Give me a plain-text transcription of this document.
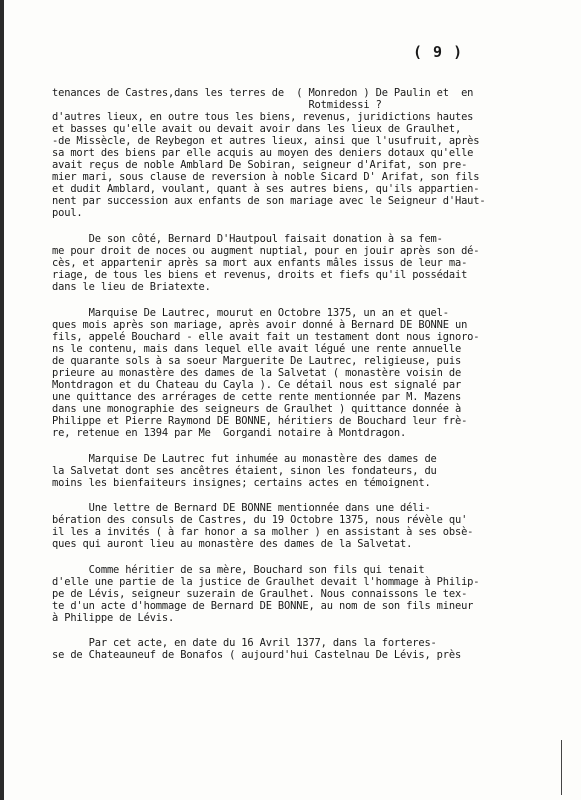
( 9 )
tenances de Castres,dans les terres de  ( Monredon ) De Paulin et  en
Rotmidessi ?
d'autres lieux, en outre tous les biens, revenus, juridictions hautes
et basses qu'elle avait ou devait avoir dans les lieux de Graulhet,
-de Missècle, de Reybegon et autres lieux, ainsi que l'usufruit, après
sa mort des biens par elle acquis au moyen des deniers dotaux qu'elle
avait reçus de noble Amblard De Sobiran, seigneur d'Arifat, son pre-
mier mari, sous clause de reversion à noble Sicard D' Arifat, son fils
et dudit Amblard, voulant, quant à ses autres biens, qu'ils appartien-
nent par succession aux enfants de son mariage avec le Seigneur d'Haut-
poul.
De son côté, Bernard D'Hautpoul faisait donation à sa fem-
me pour droit de noces ou augment nuptial, pour en jouir après son dé-
cès, et appartenir après sa mort aux enfants mâles issus de leur ma-
riage, de tous les biens et revenus, droits et fiefs qu'il possédait
dans le lieu de Briatexte.
Marquise De Lautrec, mourut en Octobre 1375, un an et quel-
ques mois après son mariage, après avoir donné à Bernard DE BONNE un
fils, appelé Bouchard - elle avait fait un testament dont nous ignoro-
ns le contenu, mais dans lequel elle avait légué une rente annuelle
de quarante sols à sa soeur Marguerite De Lautrec, religieuse, puis
prieure au monastère des dames de la Salvetat ( monastère voisin de
Montdragon et du Chateau du Cayla ). Ce détail nous est signalé par
une quittance des arrérages de cette rente mentionnée par M. Mazens
dans une monographie des seigneurs de Graulhet ) quittance donnée à
Philippe et Pierre Raymond DE BONNE, héritiers de Bouchard leur frè-
re, retenue en 1394 par Me  Gorgandi notaire à Montdragon.
Marquise De Lautrec fut inhumée au monastère des dames de
la Salvetat dont ses ancêtres étaient, sinon les fondateurs, du
moins les bienfaiteurs insignes; certains actes en témoignent.
Une lettre de Bernard DE BONNE mentionnée dans une déli-
bération des consuls de Castres, du 19 Octobre 1375, nous révèle qu'
il les a invités ( à far honor a sa molher ) en assistant à ses obsè-
ques qui auront lieu au monastère des dames de la Salvetat.
Comme héritier de sa mère, Bouchard son fils qui tenait
d'elle une partie de la justice de Graulhet devait l'hommage à Philip-
pe de Lévis, seigneur suzerain de Graulhet. Nous connaissons le tex-
te d'un acte d'hommage de Bernard DE BONNE, au nom de son fils mineur
à Philippe de Lévis.
Par cet acte, en date du 16 Avril 1377, dans la forteres-
se de Chateauneuf de Bonafos ( aujourd'hui Castelnau De Lévis, près
